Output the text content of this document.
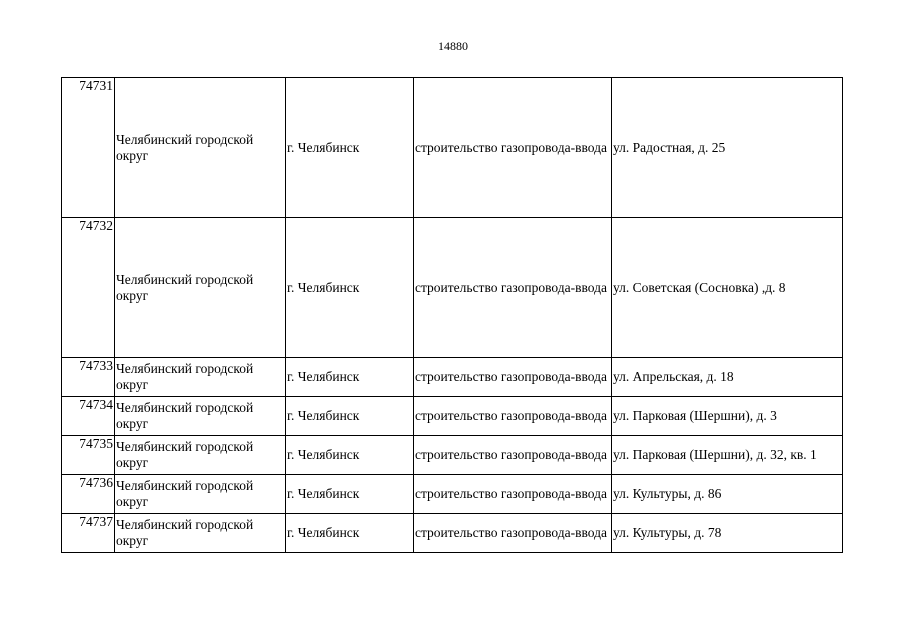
14880
74731	Челябинский городской округ	г. Челябинск	строительство газопровода-ввода	ул. Радостная, д. 25
74732	Челябинский городской округ	г. Челябинск	строительство газопровода-ввода	ул. Советская (Сосновка) ,д. 8
74733	Челябинский городской округ	г. Челябинск	строительство газопровода-ввода	ул. Апрельская, д. 18
74734	Челябинский городской округ	г. Челябинск	строительство газопровода-ввода	ул. Парковая (Шершни), д. 3
74735	Челябинский городской округ	г. Челябинск	строительство газопровода-ввода	ул. Парковая (Шершни), д. 32, кв. 1
74736	Челябинский городской округ	г. Челябинск	строительство газопровода-ввода	ул. Культуры, д. 86
74737	Челябинский городской округ	г. Челябинск	строительство газопровода-ввода	ул. Культуры, д. 78
